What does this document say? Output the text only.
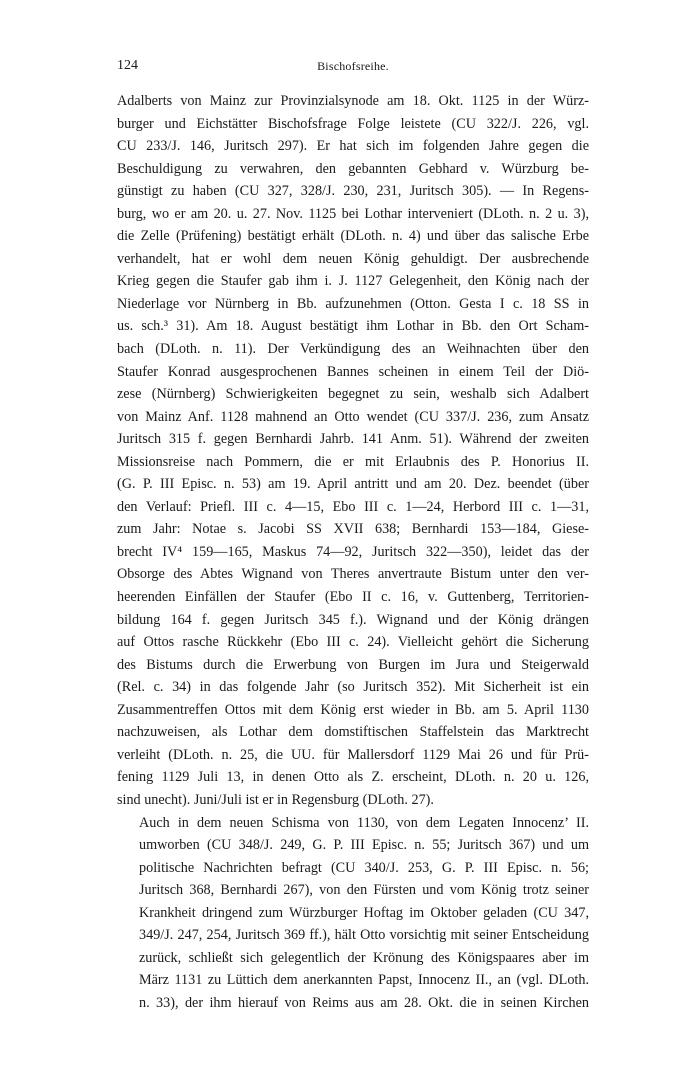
124	Bischofsreihe.

Adalberts von Mainz zur Provinzialsynode am 18. Okt. 1125 in der Würz-
burger und Eichstätter Bischofsfrage Folge leistete (CU 322/J. 226, vgl.
CU 233/J. 146, Juritsch 297). Er hat sich im folgenden Jahre gegen die
Beschuldigung zu verwahren, den gebannten Gebhard v. Würzburg be-
günstigt zu haben (CU 327, 328/J. 230, 231, Juritsch 305). — In Regens-
burg, wo er am 20. u. 27. Nov. 1125 bei Lothar interveniert (DLoth. n. 2 u. 3),
die Zelle (Prüfening) bestätigt erhält (DLoth. n. 4) und über das salische Erbe
verhandelt, hat er wohl dem neuen König gehuldigt. Der ausbrechende
Krieg gegen die Staufer gab ihm i. J. 1127 Gelegenheit, den König nach der
Niederlage vor Nürnberg in Bb. aufzunehmen (Otton. Gesta I c. 18 SS in
us. sch.³ 31). Am 18. August bestätigt ihm Lothar in Bb. den Ort Scham-
bach (DLoth. n. 11). Der Verkündigung des an Weihnachten über den
Staufer Konrad ausgesprochenen Bannes scheinen in einem Teil der Diö-
zese (Nürnberg) Schwierigkeiten begegnet zu sein, weshalb sich Adalbert
von Mainz Anf. 1128 mahnend an Otto wendet (CU 337/J. 236, zum Ansatz
Juritsch 315 f. gegen Bernhardi Jahrb. 141 Anm. 51). Während der zweiten
Missionsreise nach Pommern, die er mit Erlaubnis des P. Honorius II.
(G. P. III Episc. n. 53) am 19. April antritt und am 20. Dez. beendet (über
den Verlauf: Priefl. III c. 4—15, Ebo III c. 1—24, Herbord III c. 1—31,
zum Jahr: Notae s. Jacobi SS XVII 638; Bernhardi 153—184, Giese-
brecht IV⁴ 159—165, Maskus 74—92, Juritsch 322—350), leidet das der
Obsorge des Abtes Wignand von Theres anvertraute Bistum unter den ver-
heerenden Einfällen der Staufer (Ebo II c. 16, v. Guttenberg, Territorien-
bildung 164 f. gegen Juritsch 345 f.). Wignand und der König drängen
auf Ottos rasche Rückkehr (Ebo III c. 24). Vielleicht gehört die Sicherung
des Bistums durch die Erwerbung von Burgen im Jura und Steigerwald
(Rel. c. 34) in das folgende Jahr (so Juritsch 352). Mit Sicherheit ist ein
Zusammentreffen Ottos mit dem König erst wieder in Bb. am 5. April 1130
nachzuweisen, als Lothar dem domstiftischen Staffelstein das Marktrecht
verleiht (DLoth. n. 25, die UU. für Mallersdorf 1129 Mai 26 und für Prü-
fening 1129 Juli 13, in denen Otto als Z. erscheint, DLoth. n. 20 u. 126,
sind unecht). Juni/Juli ist er in Regensburg (DLoth. 27).

Auch in dem neuen Schisma von 1130, von dem Legaten Innocenz’ II.
umworben (CU 348/J. 249, G. P. III Episc. n. 55; Juritsch 367) und um
politische Nachrichten befragt (CU 340/J. 253, G. P. III Episc. n. 56;
Juritsch 368, Bernhardi 267), von den Fürsten und vom König trotz seiner
Krankheit dringend zum Würzburger Hoftag im Oktober geladen (CU 347,
349/J. 247, 254, Juritsch 369 ff.), hält Otto vorsichtig mit seiner Entscheidung
zurück, schließt sich gelegentlich der Krönung des Königspaares aber im
März 1131 zu Lüttich dem anerkannten Papst, Innocenz II., an (vgl. DLoth.
n. 33), der ihm hierauf von Reims aus am 28. Okt. die in seinen Kirchen
